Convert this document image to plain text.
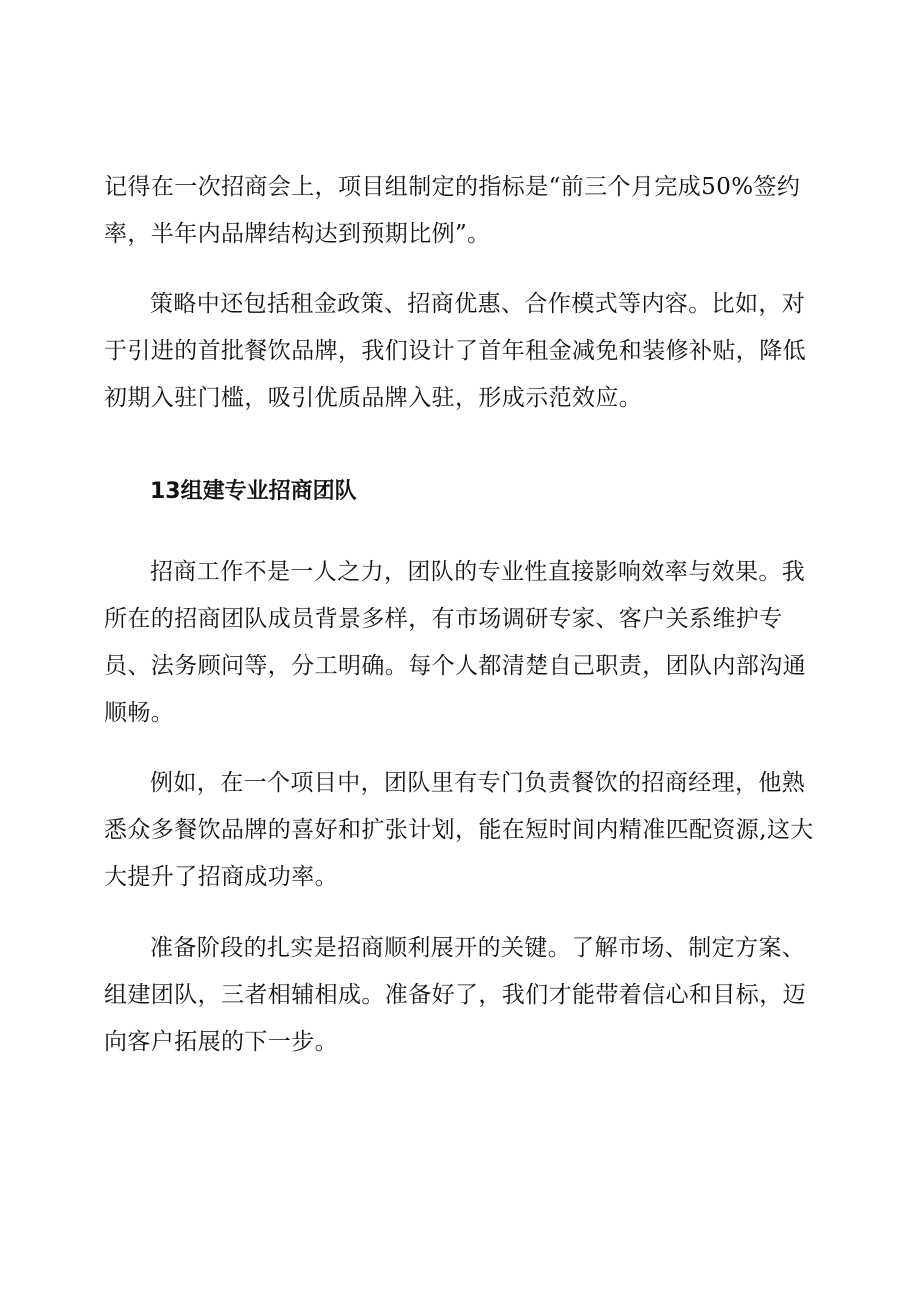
记得在一次招商会上，项目组制定的指标是“前三个月完成50%签约
率，半年内品牌结构达到预期比例”。
策略中还包括租金政策、招商优惠、合作模式等内容。比如，对
于引进的首批餐饮品牌，我们设计了首年租金减免和装修补贴，降低
初期入驻门槛，吸引优质品牌入驻，形成示范效应。
13组建专业招商团队
招商工作不是一人之力，团队的专业性直接影响效率与效果。我
所在的招商团队成员背景多样，有市场调研专家、客户关系维护专
员、法务顾问等，分工明确。每个人都清楚自己职责，团队内部沟通
顺畅。
例如，在一个项目中，团队里有专门负责餐饮的招商经理，他熟
悉众多餐饮品牌的喜好和扩张计划，能在短时间内精准匹配资源,这大
大提升了招商成功率。
准备阶段的扎实是招商顺利展开的关键。了解市场、制定方案、
组建团队，三者相辅相成。准备好了，我们才能带着信心和目标，迈
向客户拓展的下一步。
